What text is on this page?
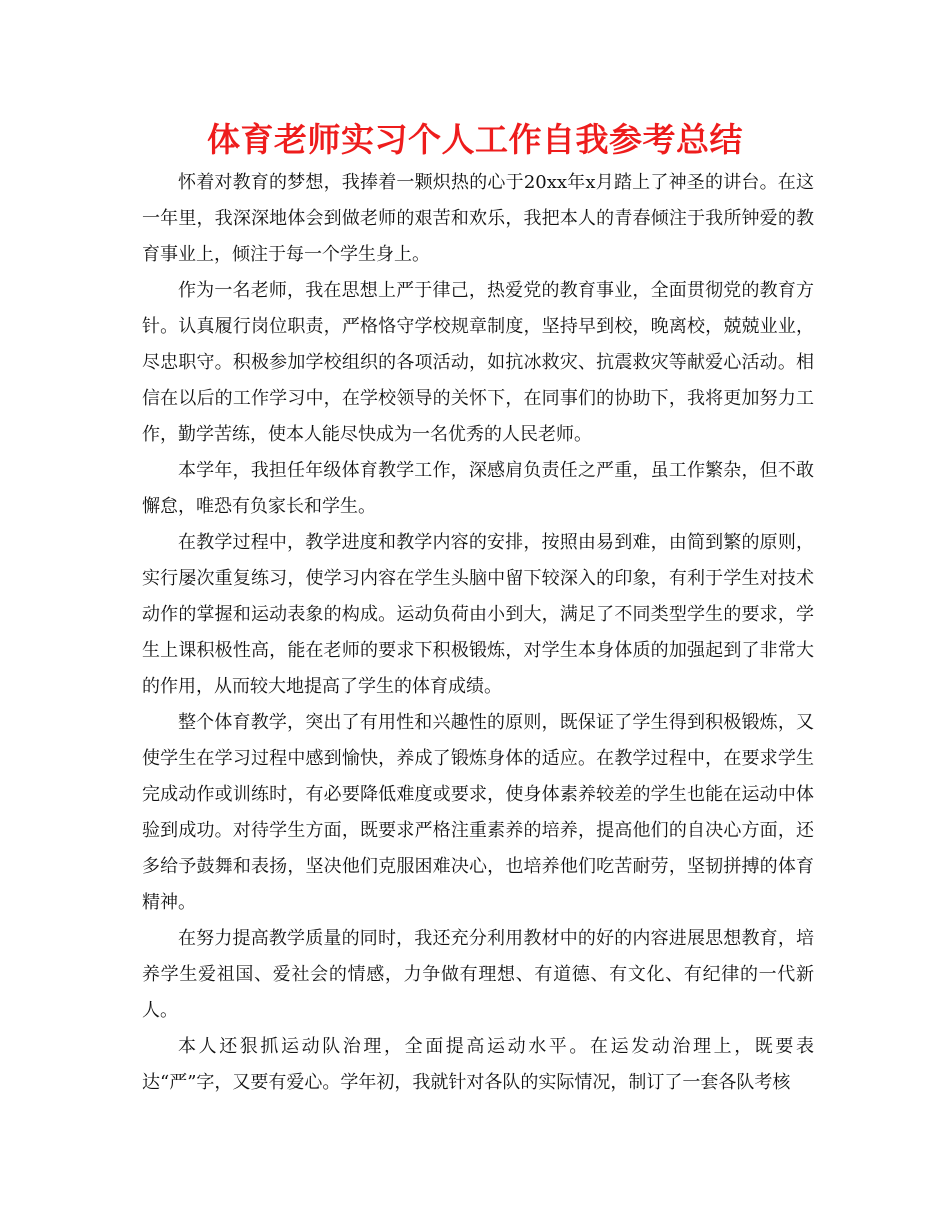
体育老师实习个人工作自我参考总结

怀着对教育的梦想，我捧着一颗炽热的心于20xx年x月踏上了神圣的讲台。在这一年里，我深深地体会到做老师的艰苦和欢乐，我把本人的青春倾注于我所钟爱的教育事业上，倾注于每一个学生身上。

作为一名老师，我在思想上严于律己，热爱党的教育事业，全面贯彻党的教育方针。认真履行岗位职责，严格恪守学校规章制度，坚持早到校，晚离校，兢兢业业，尽忠职守。积极参加学校组织的各项活动，如抗冰救灾、抗震救灾等献爱心活动。相信在以后的工作学习中，在学校领导的关怀下，在同事们的协助下，我将更加努力工作，勤学苦练，使本人能尽快成为一名优秀的人民老师。

本学年，我担任年级体育教学工作，深感肩负责任之严重，虽工作繁杂，但不敢懈怠，唯恐有负家长和学生。

在教学过程中，教学进度和教学内容的安排，按照由易到难，由简到繁的原则，实行屡次重复练习，使学习内容在学生头脑中留下较深入的印象，有利于学生对技术动作的掌握和运动表象的构成。运动负荷由小到大，满足了不同类型学生的要求，学生上课积极性高，能在老师的要求下积极锻炼，对学生本身体质的加强起到了非常大的作用，从而较大地提高了学生的体育成绩。

整个体育教学，突出了有用性和兴趣性的原则，既保证了学生得到积极锻炼，又使学生在学习过程中感到愉快，养成了锻炼身体的适应。在教学过程中，在要求学生完成动作或训练时，有必要降低难度或要求，使身体素养较差的学生也能在运动中体验到成功。对待学生方面，既要求严格注重素养的培养，提高他们的自决心方面，还多给予鼓舞和表扬，坚决他们克服困难决心，也培养他们吃苦耐劳，坚韧拼搏的体育精神。

在努力提高教学质量的同时，我还充分利用教材中的好的内容进展思想教育，培养学生爱祖国、爱社会的情感，力争做有理想、有道德、有文化、有纪律的一代新人。

本人还狠抓运动队治理，全面提高运动水平。在运发动治理上，既要表达“严”字，又要有爱心。学年初，我就针对各队的实际情况，制订了一套各队考核
